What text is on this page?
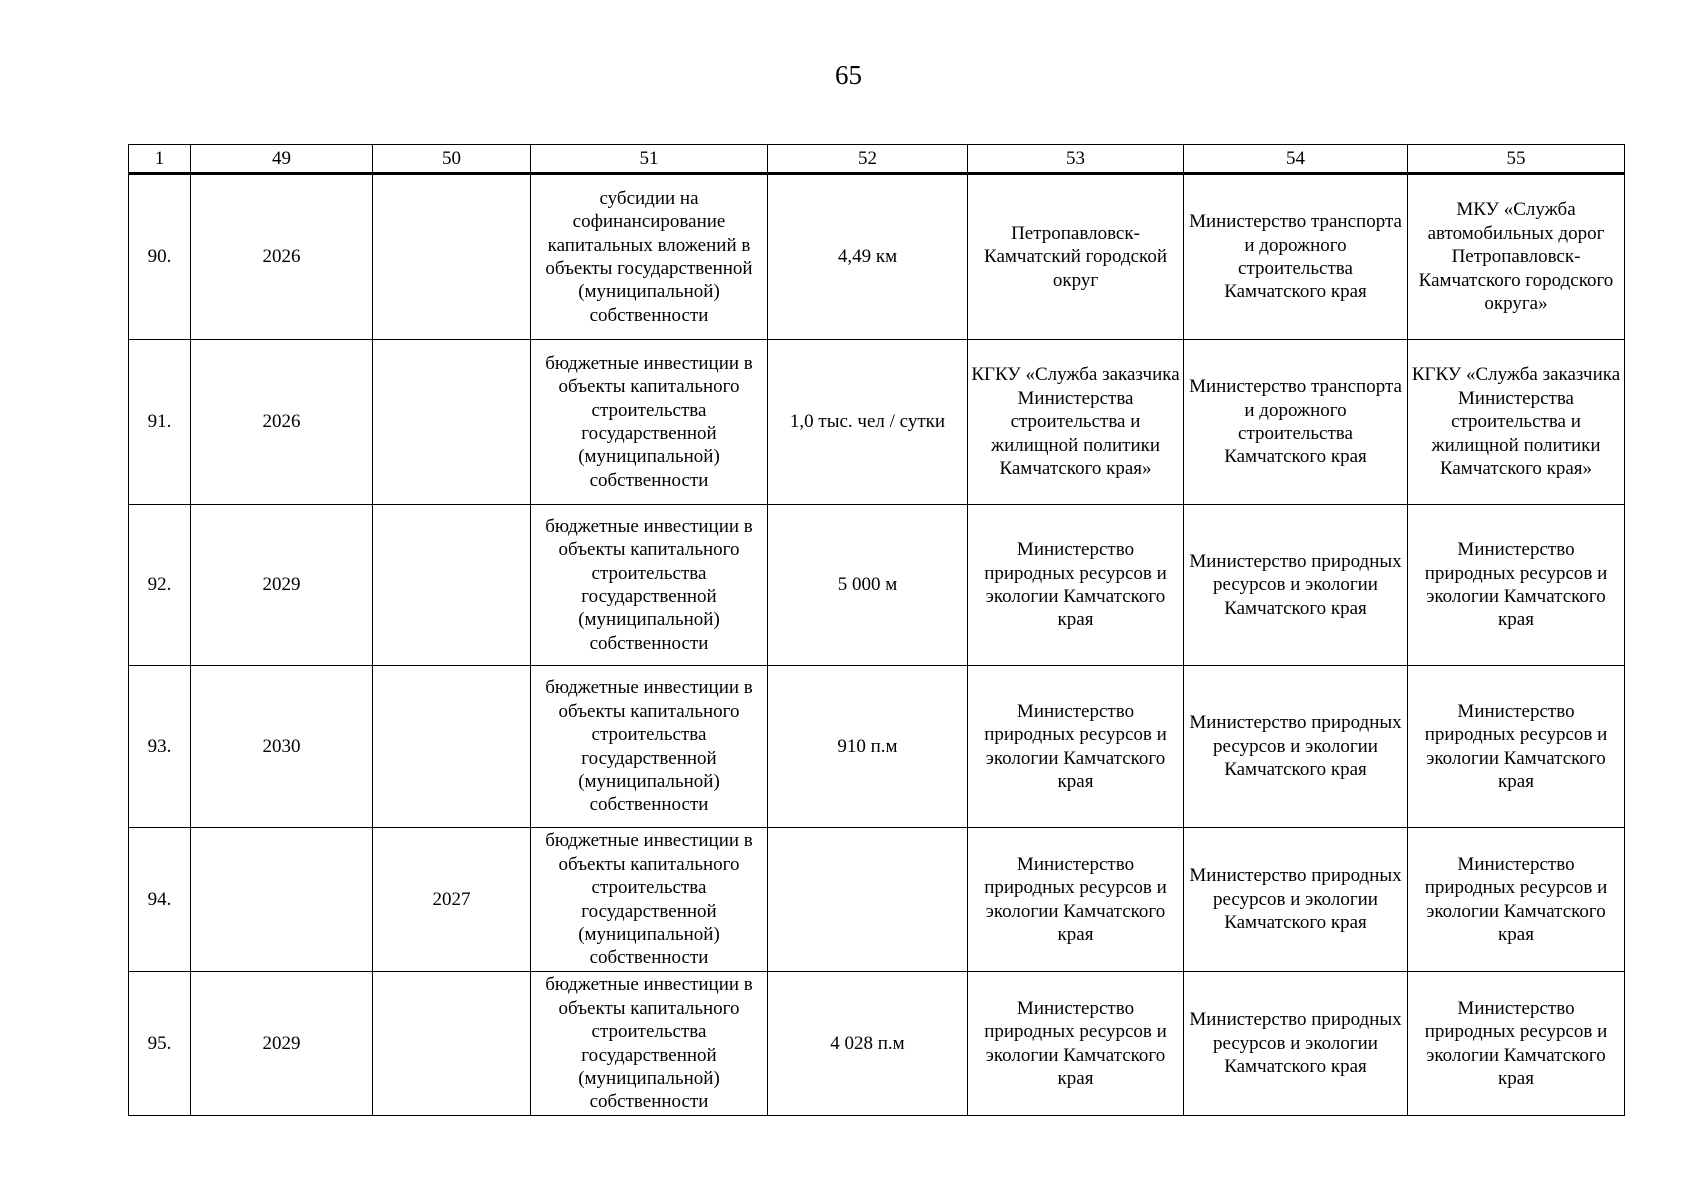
65
1	49	50	51	52	53	54	55
90.	2026		субсидии на софинансирование капитальных вложений в объекты государственной (муниципальной) собственности	4,49 км	Петропавловск-Камчатский городской округ	Министерство транспорта и дорожного строительства Камчатского края	МКУ «Служба автомобильных дорог Петропавловск-Камчатского городского округа»
91.	2026		бюджетные инвестиции в объекты капитального строительства государственной (муниципальной) собственности	1,0 тыс. чел / сутки	КГКУ «Служба заказчика Министерства строительства и жилищной политики Камчатского края»	Министерство транспорта и дорожного строительства Камчатского края	КГКУ «Служба заказчика Министерства строительства и жилищной политики Камчатского края»
92.	2029		бюджетные инвестиции в объекты капитального строительства государственной (муниципальной) собственности	5 000 м	Министерство природных ресурсов и экологии Камчатского края	Министерство природных ресурсов и экологии Камчатского края	Министерство природных ресурсов и экологии Камчатского края
93.	2030		бюджетные инвестиции в объекты капитального строительства государственной (муниципальной) собственности	910 п.м	Министерство природных ресурсов и экологии Камчатского края	Министерство природных ресурсов и экологии Камчатского края	Министерство природных ресурсов и экологии Камчатского края
94.		2027	бюджетные инвестиции в объекты капитального строительства государственной (муниципальной) собственности		Министерство природных ресурсов и экологии Камчатского края	Министерство природных ресурсов и экологии Камчатского края	Министерство природных ресурсов и экологии Камчатского края
95.	2029		бюджетные инвестиции в объекты капитального строительства государственной (муниципальной) собственности	4 028 п.м	Министерство природных ресурсов и экологии Камчатского края	Министерство природных ресурсов и экологии Камчатского края	Министерство природных ресурсов и экологии Камчатского края
